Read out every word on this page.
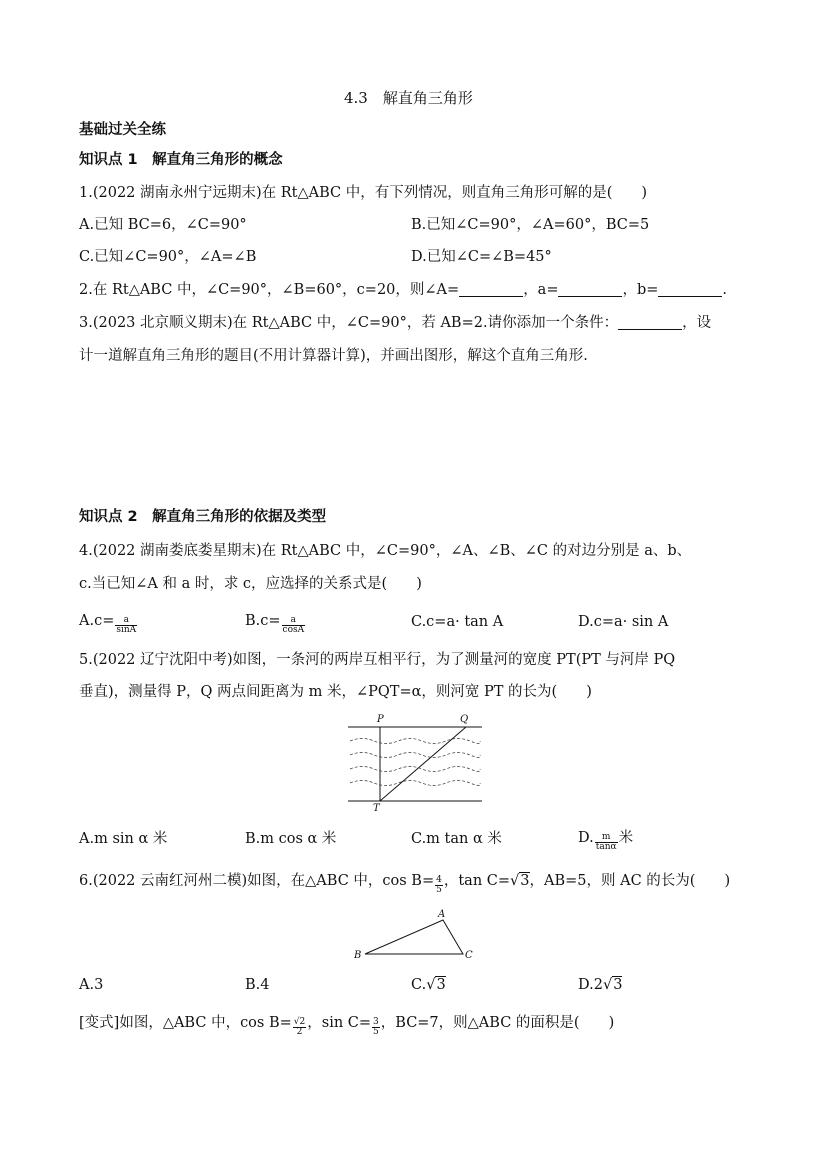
4.3　解直角三角形
基础过关全练
知识点 1　解直角三角形的概念
1.(2022 湖南永州宁远期末)在 Rt△ABC 中，有下列情况，则直角三角形可解的是(　　)
A.已知 BC=6，∠C=90°	B.已知∠C=90°，∠A=60°，BC=5
C.已知∠C=90°，∠A=∠B	D.已知∠C=∠B=45°
2.在 Rt△ABC 中，∠C=90°，∠B=60°，c=20，则∠A=	，a=	，b=	.
3.(2023 北京顺义期末)在 Rt△ABC 中，∠C=90°，若 AB=2.请你添加一个条件：	，设
计一道解直角三角形的题目(不用计算器计算)，并画出图形，解这个直角三角形.
知识点 2　解直角三角形的依据及类型
4.(2022 湖南娄底娄星期末)在 Rt△ABC 中，∠C=90°，∠A、∠B、∠C 的对边分别是 a、b、
c.当已知∠A 和 a 时，求 c，应选择的关系式是(　　)
$A.c= \frac{a}{\sin A}$	$B.c= \frac{a}{\cos A}$	C.c=a· tan A	D.c=a· sin A
5.(2022 辽宁沈阳中考)如图，一条河的两岸互相平行，为了测量河的宽度 PT(PT 与河岸 PQ
垂直)，测量得 P，Q 两点间距离为 m 米，∠PQT=α，则河宽 PT 的长为(　　)
P	Q
T
A.m sin α 米	B.m cos α 米	C.m tan α 米	D. $\frac{m}{\tan\alpha}$ 米
6.(2022 云南红河州二模)如图，在△ABC 中，$\cos B= \frac{4}{5}$ ，tan C=√3，AB=5，则 AC 的长为(　　)
A
B	C
A.3	B.4	C.√3	D.2√3
[变式]如图，△ABC 中，$\cos B= \frac{√2}{2}$ ，$\sin C= \frac{3}{5}$ ，BC=7，则△ABC 的面积是(　　)
